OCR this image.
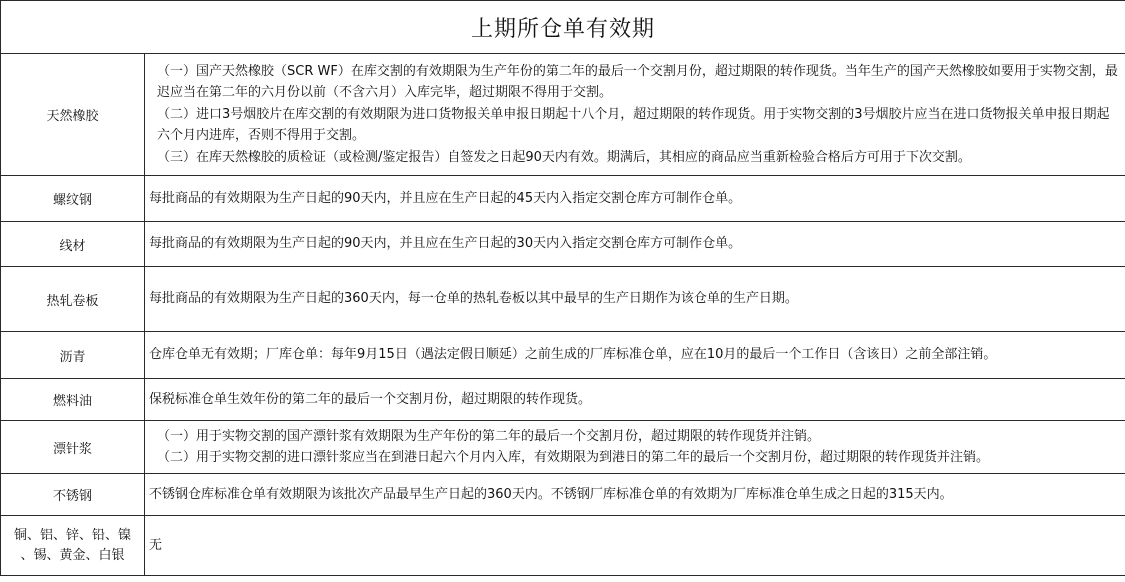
上期所仓单有效期	
天然橡胶	（一）国产天然橡胶（SCR WF）在库交割的有效期限为生产年份的第二年的最后一个交割月份，超过期限的转作现货。当年生产的国产天然橡胶如要用于实物交割，最迟应当在第二年的六月份以前（不含六月）入库完毕，超过期限不得用于交割。
（二）进口3号烟胶片在库交割的有效期限为进口货物报关单申报日期起十八个月，超过期限的转作现货。用于实物交割的3号烟胶片应当在进口货物报关单申报日期起六个月内进库，否则不得用于交割。
（三）在库天然橡胶的质检证（或检测/鉴定报告）自签发之日起90天内有效。期满后，其相应的商品应当重新检验合格后方可用于下次交割。

螺纹钢	每批商品的有效期限为生产日起的90天内，并且应在生产日起的45天内入指定交割仓库方可制作仓单。
线材	每批商品的有效期限为生产日起的90天内，并且应在生产日起的30天内入指定交割仓库方可制作仓单。
热轧卷板	每批商品的有效期限为生产日起的360天内，每一仓单的热轧卷板以其中最早的生产日期作为该仓单的生产日期。
沥青	仓库仓单无有效期；厂库仓单：每年9月15日（遇法定假日顺延）之前生成的厂库标准仓单，应在10月的最后一个工作日（含该日）之前全部注销。
燃料油	保税标准仓单生效年份的第二年的最后一个交割月份，超过期限的转作现货。
漂针浆	（一）用于实物交割的国产漂针浆有效期限为生产年份的第二年的最后一个交割月份，超过期限的转作现货并注销。
（二）用于实物交割的进口漂针浆应当在到港日起六个月内入库，有效期限为到港日的第二年的最后一个交割月份，超过期限的转作现货并注销。

不锈钢	不锈钢仓库标准仓单有效期限为该批次产品最早生产日起的360天内。不锈钢厂库标准仓单的有效期为厂库标准仓单生成之日起的315天内。

铜、铝、锌、铅、镍
、锡、黄金、白银	无
